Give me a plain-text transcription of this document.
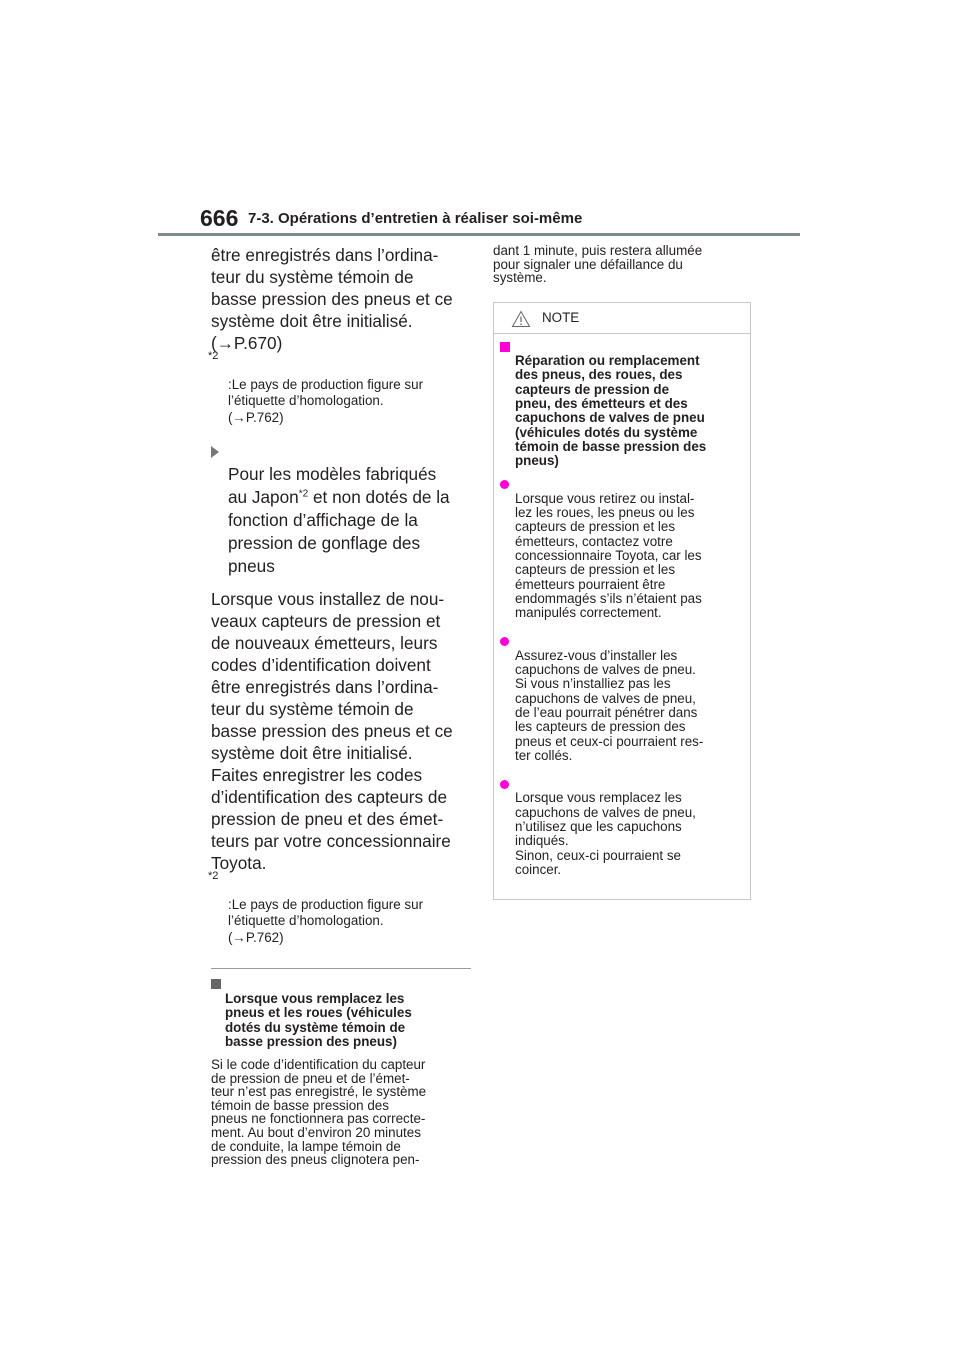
666 7-3. Opérations d’entretien à réaliser soi-même

être enregistrés dans l’ordina-
teur du système témoin de
basse pression des pneus et ce
système doit être initialisé.
(→P.670)

*2
:Le pays de production figure sur
l’étiquette d’homologation.
(→P.762)

Pour les modèles fabriqués
au Japon$^{*2}$ et non dotés de la
fonction d’affichage de la
pression de gonflage des
pneus

Lorsque vous installez de nou-
veaux capteurs de pression et
de nouveaux émetteurs, leurs
codes d’identification doivent
être enregistrés dans l’ordina-
teur du système témoin de
basse pression des pneus et ce
système doit être initialisé.
Faites enregistrer les codes
d’identification des capteurs de
pression de pneu et des émet-
teurs par votre concessionnaire
Toyota.

*2
:Le pays de production figure sur
l’étiquette d’homologation.
(→P.762)

Lorsque vous remplacez les
pneus et les roues (véhicules
dotés du système témoin de
basse pression des pneus)

Si le code d’identification du capteur
de pression de pneu et de l’émet-
teur n’est pas enregistré, le système
témoin de basse pression des
pneus ne fonctionnera pas correcte-
ment. Au bout d’environ 20 minutes
de conduite, la lampe témoin de
pression des pneus clignotera pen-

dant 1 minute, puis restera allumée
pour signaler une défaillance du
système.

NOTE

Réparation ou remplacement
des pneus, des roues, des
capteurs de pression de
pneu, des émetteurs et des
capuchons de valves de pneu
(véhicules dotés du système
témoin de basse pression des
pneus)

Lorsque vous retirez ou instal-
lez les roues, les pneus ou les
capteurs de pression et les
émetteurs, contactez votre
concessionnaire Toyota, car les
capteurs de pression et les
émetteurs pourraient être
endommagés s’ils n’étaient pas
manipulés correctement.

Assurez-vous d’installer les
capuchons de valves de pneu.
Si vous n’installiez pas les
capuchons de valves de pneu,
de l’eau pourrait pénétrer dans
les capteurs de pression des
pneus et ceux-ci pourraient res-
ter collés.

Lorsque vous remplacez les
capuchons de valves de pneu,
n’utilisez que les capuchons
indiqués.
Sinon, ceux-ci pourraient se
coincer.
